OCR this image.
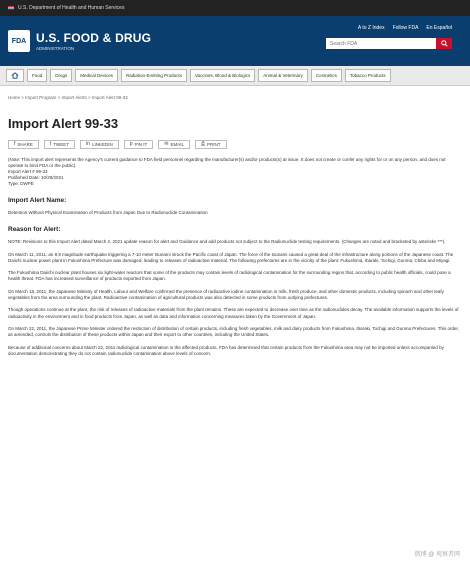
U.S. Department of Health and Human Services
FDA U.S. FOOD & DRUG
ADMINISTRATION
A to Z Index Follow FDA En Español
Search FDA
Food	Drugs	Medical Devices	Radiation-Emitting Products	Vaccines, Blood & Biologics	Animal & Veterinary	Cosmetics	Tobacco Products
Home > Import Program > Import Alerts > Import Alert 99-33
Import Alert 99-33
f SHARE	t TWEET	in LINKEDIN	p PIN IT	✉ EMAIL	⎙ PRINT

(Note: This import alert represents the Agency's current guidance to FDA field personnel regarding the manufacturer(s) and/or products(s) at issue. It does not create or confer any rights for or on any person, and does not operate to bind FDA or the public).

Import Alert # 99-33
Published Date: 10/28/2021
Type: DWPE
Import Alert Name:

Detention Without Physical Examination of Products from Japan Due to Radionuclide Contamination

Reason for Alert:

NOTE: Revisions to this Import Alert dated March 2, 2021 update reason for alert and Guidance and add products not subject to the Radionuclide testing requirements. (Changes are noted and bracketed by asterisks ***).

On March 11, 2011, an 8.9 magnitude earthquake triggering a 7-10 meter tsunami struck the Pacific coast of Japan. The force of the tsunami caused a great deal of the infrastructure along portions of the Japanese coast. The Daiichi nuclear power plant in Fukushima Prefecture was damaged, leading to releases of radioactive material. The following prefectures are in the vicinity of the plant: Fukushima, Ibaraki, Tochigi, Gunma, Chiba and Miyagi.

The Fukushima Daiichi nuclear plant houses six light-water reactors that some of the products may contain levels of radiological contamination for the surrounding region that, according to public health officials, could pose a health threat. FDA has increased surveillance of products exported from Japan.

On March 18, 2011, the Japanese Ministry of Health, Labour and Welfare confirmed the presence of radioactive iodine contamination in milk, fresh produce, and other domestic products, including spinach and other leafy vegetables from the area surrounding the plant. Radioactive contamination of agricultural products was also detected in some products from outlying prefectures.

Though operations continue at the plant, the risk of releases of radioactive materials from the plant remains. These are expected to decrease over time as the radionuclides decay. The available information supports the levels of radioactivity in the environment and in food products from Japan, as well as data and information concerning measures taken by the Government of Japan.

On March 22, 2011, the Japanese Prime Minister ordered the restriction of distribution of certain products, including fresh vegetables, milk and dairy products from Fukushima, Ibaraki, Tochigi and Gunma Prefectures. This order, as amended, controls the distribution of these products within Japan and their export to other countries, including the United States.

Because of additional concerns about March 22, 2011 radiological contamination in the affected products, FDA has determined that certain products from the Fukushima area may not be imported unless accompanied by documentation demonstrating they do not contain radionuclide contamination above levels of concern.

微博 @ 观察者网
